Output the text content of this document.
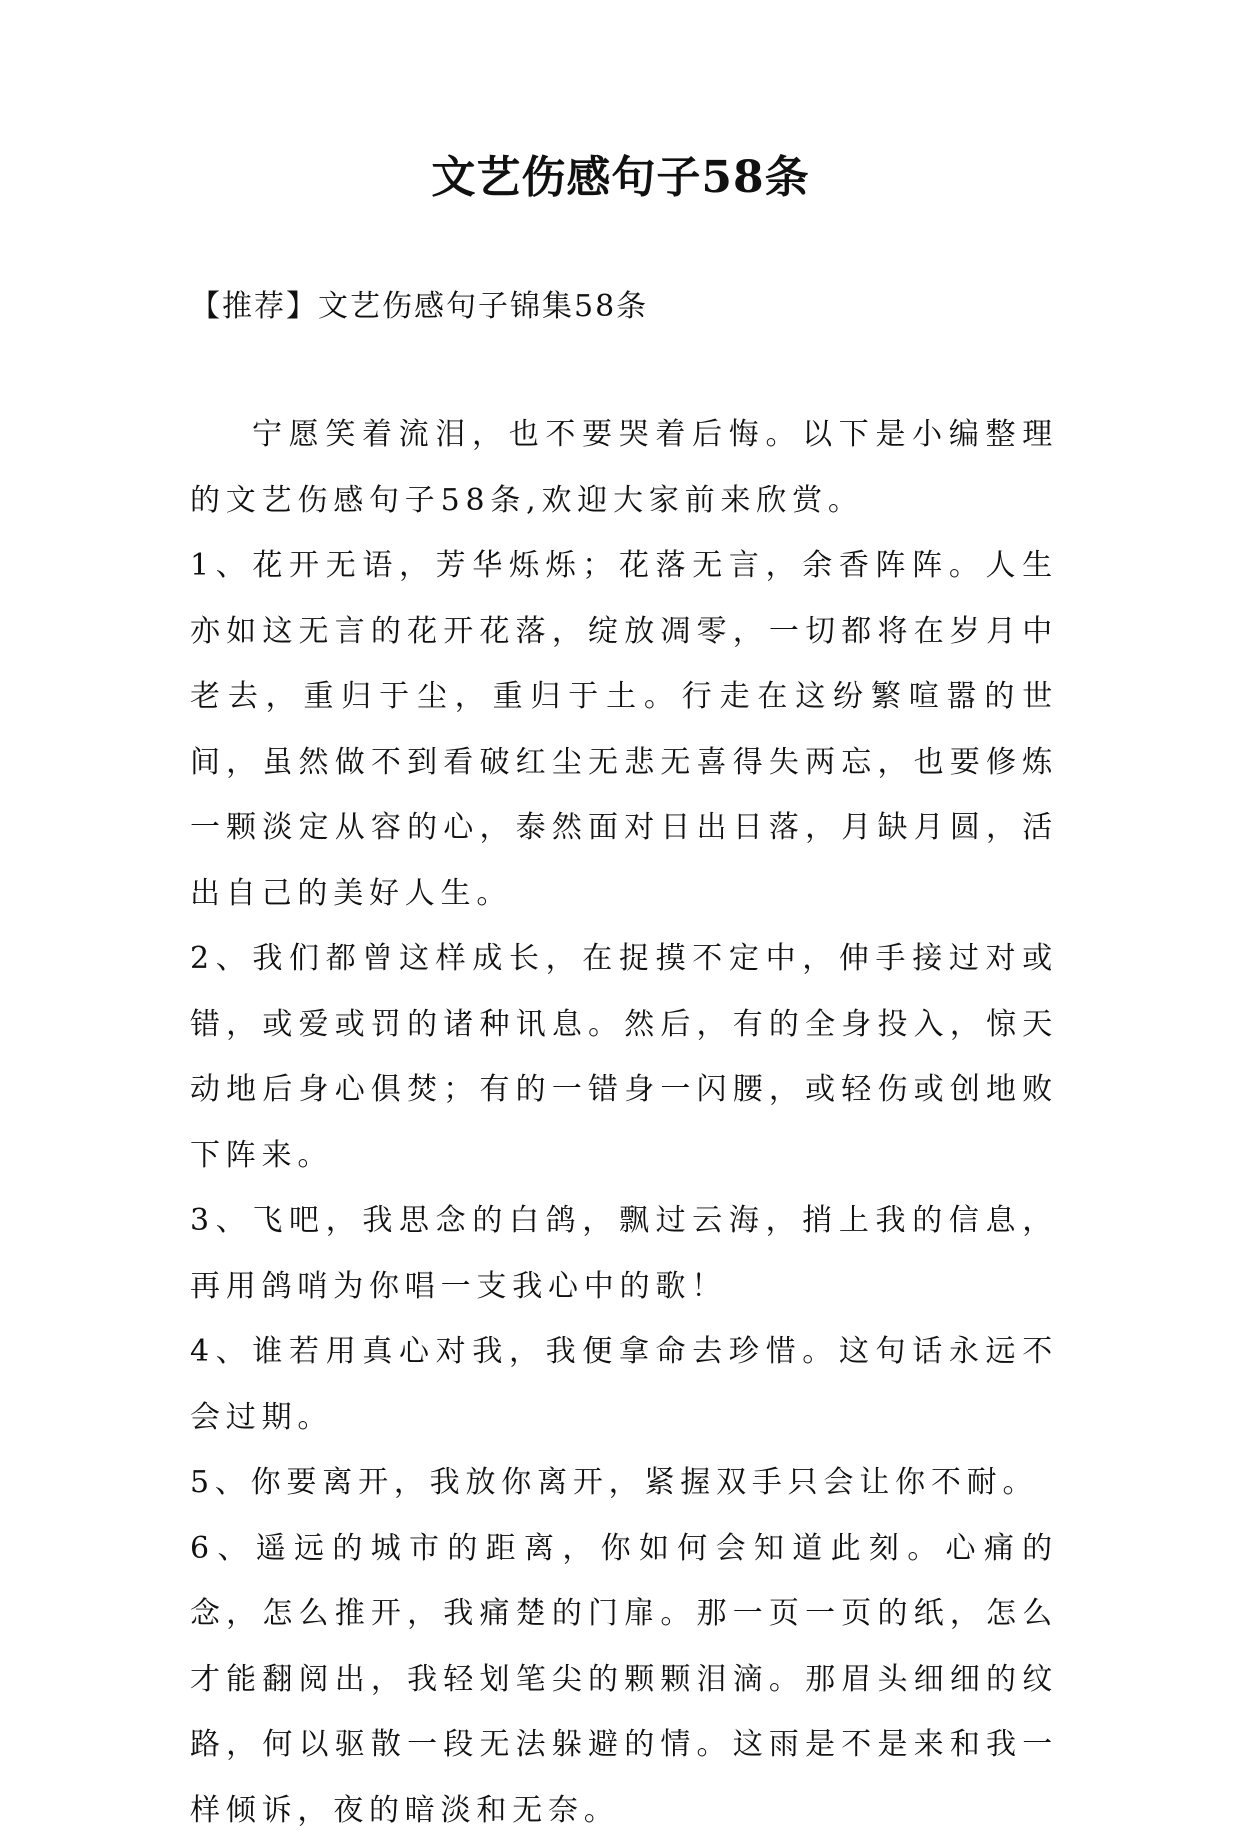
文艺伤感句子58条
【推荐】文艺伤感句子锦集58条

宁愿笑着流泪，也不要哭着后悔。以下是小编整理的文艺伤感句子58条,欢迎大家前来欣赏。

1、花开无语，芳华烁烁；花落无言，余香阵阵。人生亦如这无言的花开花落，绽放凋零，一切都将在岁月中老去，重归于尘，重归于土。行走在这纷繁喧嚣的世间，虽然做不到看破红尘无悲无喜得失两忘，也要修炼一颗淡定从容的心，泰然面对日出日落，月缺月圆，活出自己的美好人生。

2、我们都曾这样成长，在捉摸不定中，伸手接过对或错，或爱或罚的诸种讯息。然后，有的全身投入，惊天动地后身心俱焚；有的一错身一闪腰，或轻伤或创地败下阵来。

3、飞吧，我思念的白鸽，飘过云海，捎上我的信息，再用鸽哨为你唱一支我心中的歌！

4、谁若用真心对我，我便拿命去珍惜。这句话永远不会过期。

5、你要离开，我放你离开，紧握双手只会让你不耐。

6、遥远的城市的距离，你如何会知道此刻。心痛的念，怎么推开，我痛楚的门扉。那一页一页的纸，怎么才能翻阅出，我轻划笔尖的颗颗泪滴。那眉头细细的纹路，何以驱散一段无法躲避的情。这雨是不是来和我一样倾诉，夜的暗淡和无奈。
